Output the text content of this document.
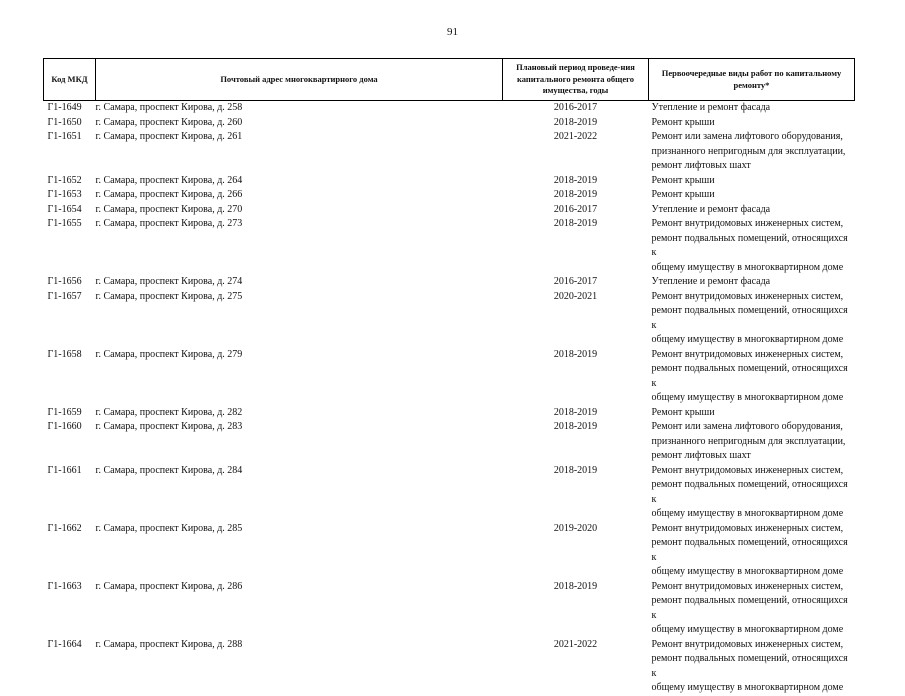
91
Код МКД	Почтовый адрес многоквартирного дома	Плановый период проведе-ния капитального ремонта общего имущества, годы	Первоочередные виды работ по капитальному ремонту*
Г1-1649	г. Самара, проспект Кирова, д. 258	2016-2017	Утепление и ремонт фасада
Г1-1650	г. Самара, проспект Кирова, д. 260	2018-2019	Ремонт крыши
Г1-1651	г. Самара, проспект Кирова, д. 261	2021-2022	Ремонт или замена лифтового оборудования,
признанного непригодным для эксплуатации,
ремонт лифтовых шахт
Г1-1652	г. Самара, проспект Кирова, д. 264	2018-2019	Ремонт крыши
Г1-1653	г. Самара, проспект Кирова, д. 266	2018-2019	Ремонт крыши
Г1-1654	г. Самара, проспект Кирова, д. 270	2016-2017	Утепление и ремонт фасада
Г1-1655	г. Самара, проспект Кирова, д. 273	2018-2019	Ремонт внутридомовых инженерных систем,
ремонт подвальных помещений, относящихся к
общему имуществу в многоквартирном доме
Г1-1656	г. Самара, проспект Кирова, д. 274	2016-2017	Утепление и ремонт фасада
Г1-1657	г. Самара, проспект Кирова, д. 275	2020-2021	Ремонт внутридомовых инженерных систем,
ремонт подвальных помещений, относящихся к
общему имуществу в многоквартирном доме
Г1-1658	г. Самара, проспект Кирова, д. 279	2018-2019	Ремонт внутридомовых инженерных систем,
ремонт подвальных помещений, относящихся к
общему имуществу в многоквартирном доме
Г1-1659	г. Самара, проспект Кирова, д. 282	2018-2019	Ремонт крыши
Г1-1660	г. Самара, проспект Кирова, д. 283	2018-2019	Ремонт или замена лифтового оборудования,
признанного непригодным для эксплуатации,
ремонт лифтовых шахт
Г1-1661	г. Самара, проспект Кирова, д. 284	2018-2019	Ремонт внутридомовых инженерных систем,
ремонт подвальных помещений, относящихся к
общему имуществу в многоквартирном доме
Г1-1662	г. Самара, проспект Кирова, д. 285	2019-2020	Ремонт внутридомовых инженерных систем,
ремонт подвальных помещений, относящихся к
общему имуществу в многоквартирном доме
Г1-1663	г. Самара, проспект Кирова, д. 286	2018-2019	Ремонт внутридомовых инженерных систем,
ремонт подвальных помещений, относящихся к
общему имуществу в многоквартирном доме
Г1-1664	г. Самара, проспект Кирова, д. 288	2021-2022	Ремонт внутридомовых инженерных систем,
ремонт подвальных помещений, относящихся к
общему имуществу в многоквартирном доме
